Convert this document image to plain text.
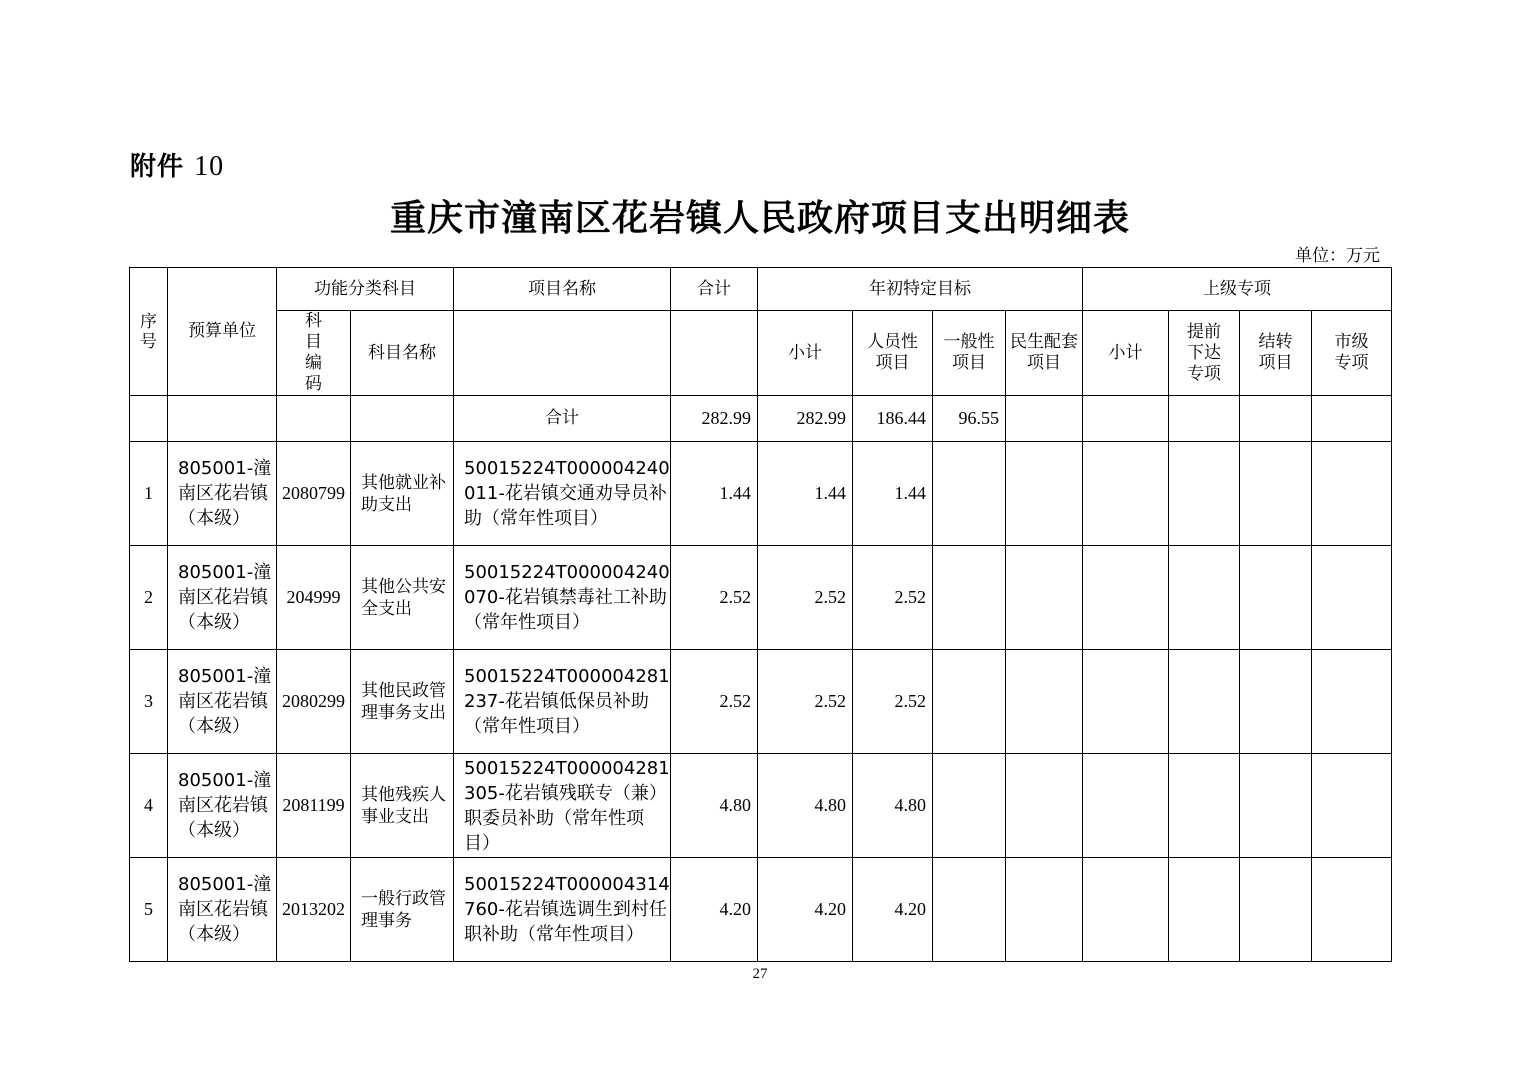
附件 10
重庆市潼南区花岩镇人民政府项目支出明细表
单位：万元
序号	预算单位	功能分类科目		项目名称	合计	年初特定目标				上级专项			
		科目编码	科目名称			小计	人员性项目	一般性项目	民生配套项目	小计	提前下达专项	结转项目	市级专项
				合计	282.99	282.99	186.44	96.55					
1	805001-潼南区花岩镇（本级）	2080799	其他就业补助支出	50015224T000004240011-花岩镇交通劝导员补助（常年性项目）	1.44	1.44	1.44						
2	805001-潼南区花岩镇（本级）	204999	其他公共安全支出	50015224T000004240070-花岩镇禁毒社工补助（常年性项目）	2.52	2.52	2.52						
3	805001-潼南区花岩镇（本级）	2080299	其他民政管理事务支出	50015224T000004281237-花岩镇低保员补助（常年性项目）	2.52	2.52	2.52						
4	805001-潼南区花岩镇（本级）	2081199	其他残疾人事业支出	50015224T000004281305-花岩镇残联专（兼）职委员补助（常年性项目）	4.80	4.80	4.80						
5	805001-潼南区花岩镇（本级）	2013202	一般行政管理事务	50015224T000004314760-花岩镇选调生到村任职补助（常年性项目）	4.20	4.20	4.20						
27
